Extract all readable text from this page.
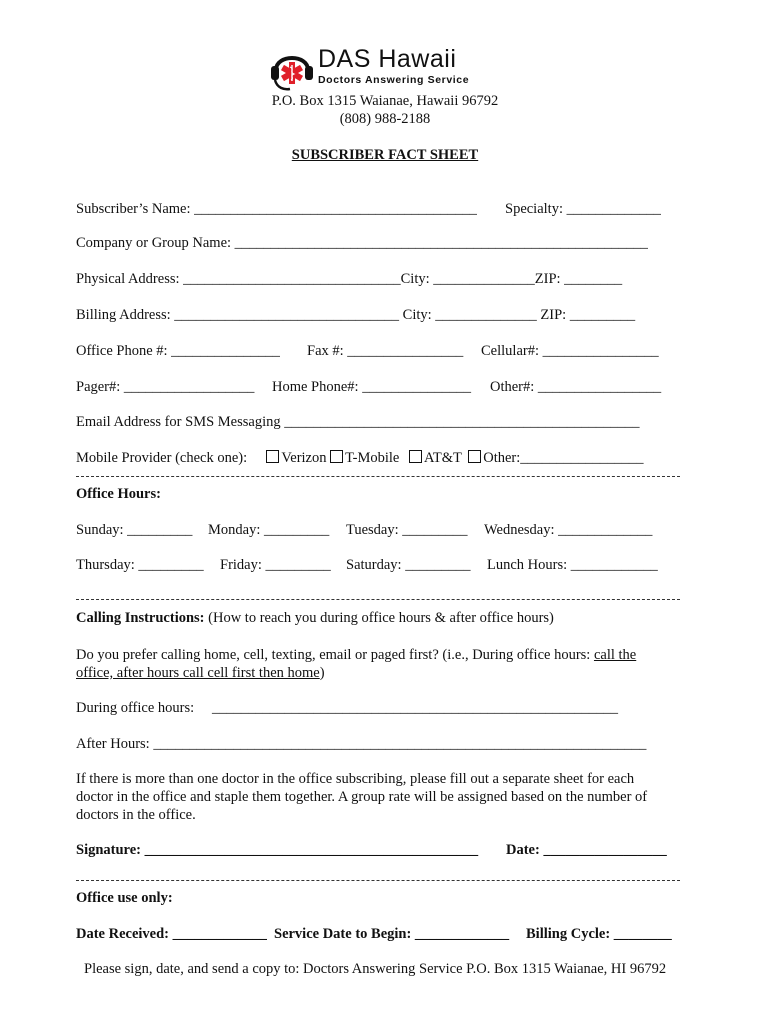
DAS Hawaii
Doctors Answering Service
P.O. Box 1315 Waianae, Hawaii 96792
(808) 988-2188
SUBSCRIBER FACT SHEET
Subscriber’s Name: _______________________________________ Specialty: _____________
Company or Group Name: _________________________________________________________
Physical Address: ______________________________City: ______________ZIP: ________
Billing Address: _______________________________ City: ______________ ZIP: _________
Office Phone #: _______________ Fax #: ________________ Cellular#: ________________
Pager#: __________________ Home Phone#: _______________ Other#: _________________
Email Address for SMS Messaging _________________________________________________
Mobile Provider (check one): Verizon T-Mobile AT&T Other:_________________
Office Hours:
Sunday: _________ Monday: _________ Tuesday: _________ Wednesday: _____________
Thursday: _________ Friday: _________ Saturday: _________ Lunch Hours: ____________
Calling Instructions: (How to reach you during office hours & after office hours)
Do you prefer calling home, cell, texting, email or paged first? (i.e., During office hours: call the
office, after hours call cell first then home)
During office hours: ________________________________________________________
After Hours: ____________________________________________________________________
If there is more than one doctor in the office subscribing, please fill out a separate sheet for each
doctor in the office and staple them together. A group rate will be assigned based on the number of
doctors in the office.
Signature: ______________________________________________ Date: _________________
Office use only:
Date Received: _____________ Service Date to Begin: _____________ Billing Cycle: ________
Please sign, date, and send a copy to: Doctors Answering Service P.O. Box 1315 Waianae, HI 96792
